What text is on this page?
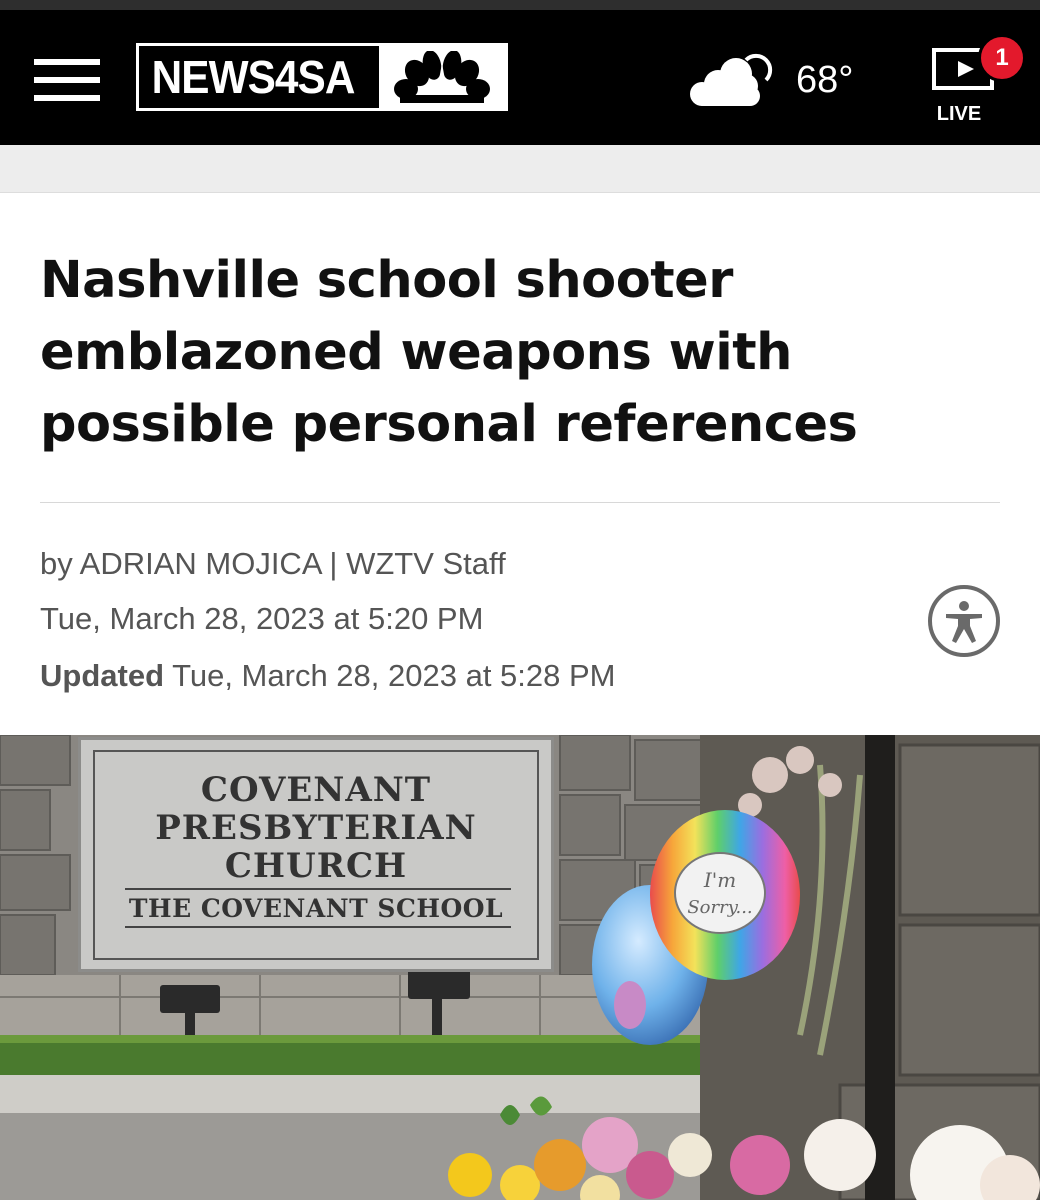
NEWS4SA	68°
LIVE
1
Nashville school shooter emblazoned weapons with possible personal references
by ADRIAN MOJICA | WZTV Staff
Tue, March 28, 2023 at 5:20 PM
Updated Tue, March 28, 2023 at 5:28 PM
I'm
Sorry...
COVENANT
PRESBYTERIAN
CHURCH
THE COVENANT SCHOOL
